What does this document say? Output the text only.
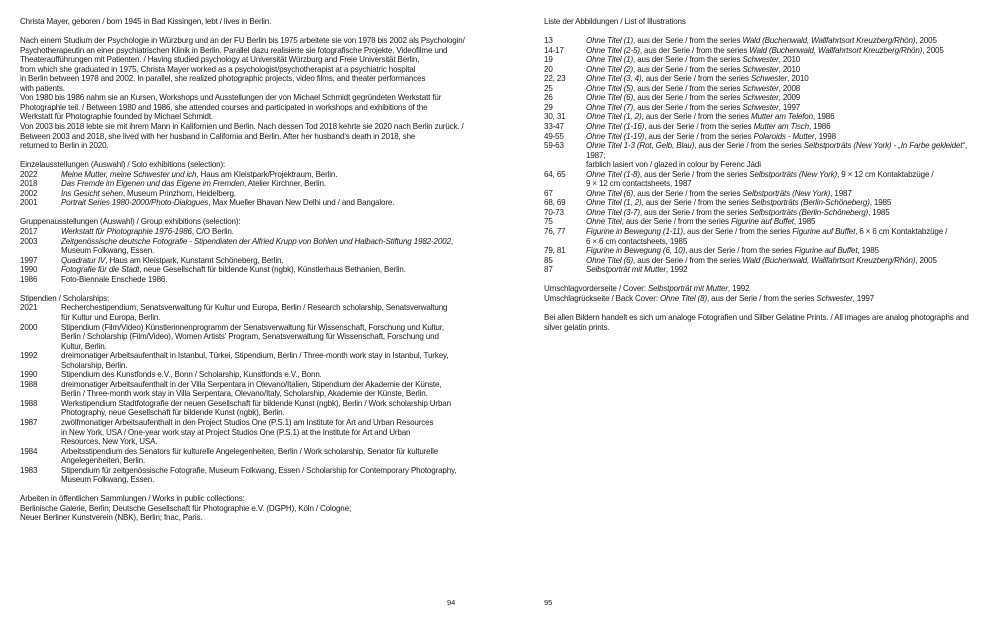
Christa Mayer, geboren / born 1945 in Bad Kissingen, lebt / lives in Berlin.

Nach einem Studium der Psychologie in Würzburg und an der FU Berlin bis 1975 arbeitete sie von 1978 bis 2002 als Psychologin/

Psychotherapeutin an einer psychiatrischen Klinik in Berlin. Parallel dazu realisierte sie fotografische Projekte, Videofilme und

Theateraufführungen mit Patienten. / Having studied psychology at Universität Würzburg and Freie Universität Berlin,

from which she graduated in 1975, Christa Mayer worked as a psychologist/psychotherapist at a psychiatric hospital

in Berlin between 1978 and 2002. In parallel, she realized photographic projects, video films, and theater performances

with patients.

Von 1980 bis 1986 nahm sie an Kursen, Workshops und Ausstellungen der von Michael Schmidt gegründeten Werkstatt für

Photographie teil. / Between 1980 and 1986, she attended courses and participated in workshops and exhibitions of the

Werkstatt für Photographie founded by Michael Schmidt.

Von 2003 bis 2018 lebte sie mit ihrem Mann in Kalifornien und Berlin. Nach dessen Tod 2018 kehrte sie 2020 nach Berlin zurück. /

Between 2003 and 2018, she lived with her husband in California and Berlin. After her husband’s death in 2018, she

returned to Berlin in 2020.

Einzelausstellungen (Auswahl) / Solo exhibitions (selection):

2022	Meine Mutter, meine Schwester und ich, Haus am Kleistpark/Projektraum, Berlin.
2018	Das Fremde im Eigenen und das Eigene im Fremden, Atelier Kirchner, Berlin.
2002	Ins Gesicht sehen, Museum Prinzhorn, Heidelberg.
2001	Portrait Series 1980-2000/Photo-Dialogues, Max Mueller Bhavan New Delhi und / and Bangalore.

Gruppenausstellungen (Auswahl) / Group exhibitions (selection):

2017	Werkstatt für Photographie 1976-1986, C/O Berlin.
2003	Zeitgenössische deutsche Fotografie - Stipendiaten der Alfried Krupp von Bohlen und Halbach-Stiftung 1982-2002,
Museum Folkwang, Essen.
1997	Quadratur IV, Haus am Kleistpark, Kunstamt Schöneberg, Berlin.
1990	Fotografie für die Stadt, neue Gesellschaft für bildende Kunst (ngbk), Künstlerhaus Bethanien, Berlin.
1986	Foto-Biennale Enschede 1986.

Stipendien / Scholarships:

2021	Recherchestipendium, Senatsverwaltung für Kultur und Europa, Berlin / Research scholarship, Senatsverwaltung
für Kultur und Europa, Berlin.
2000	Stipendium (Film/Video) Künstlerinnenprogramm der Senatsverwaltung für Wissenschaft, Forschung und Kultur,
Berlin / Scholarship (Film/Video), Women Artists’ Program, Senatsverwaltung für Wissenschaft, Forschung und
Kultur, Berlin.
1992	dreimonatiger Arbeitsaufenthalt in Istanbul, Türkei, Stipendium, Berlin / Three-month work stay in Istanbul, Turkey,
Scholarship, Berlin.
1990	Stipendium des Kunstfonds e.V., Bonn / Scholarship, Kunstfonds e.V., Bonn.
1988	dreimonatiger Arbeitsaufenthalt in der Villa Serpentara in Olevano/Italien, Stipendium der Akademie der Künste,
Berlin / Three-month work stay in Villa Serpentara, Olevano/Italy, Scholarship, Akademie der Künste, Berlin.
1988	Werkstipendium Stadtfotografie der neuen Gesellschaft für bildende Kunst (ngbk), Berlin / Work scholarship Urban
Photography, neue Gesellschaft für bildende Kunst (ngbk), Berlin.
1987	zwölfmonatiger Arbeitsaufenthalt in den Project Studios One (P.S.1) am Institute for Art and Urban Resources
in New York, USA / One-year work stay at Project Studios One (P.S.1) at the Institute for Art and Urban
Resources, New York, USA.
1984	Arbeitsstipendium des Senators für kulturelle Angelegenheiten, Berlin / Work scholarship, Senator für kulturelle
Angelegenheiten, Berlin.
1983	Stipendium für zeitgenössische Fotografie, Museum Folkwang, Essen / Scholarship for Contemporary Photography,
Museum Folkwang, Essen.

Arbeiten in öffentlichen Sammlungen / Works in public collections:

Berlinische Galerie, Berlin; Deutsche Gesellschaft für Photographie e.V. (DGPH), Köln / Cologne;

Neuer Berliner Kunstverein (NBK), Berlin; fnac, Paris.

94

Liste der Abbildungen / List of Illustrations

13	Ohne Titel (1), aus der Serie / from the series Wald (Buchenwald, Wallfahrtsort Kreuzberg/Rhön), 2005
14-17	Ohne Titel (2-5), aus der Serie / from the series Wald (Buchenwald, Wallfahrtsort Kreuzberg/Rhön), 2005
19	Ohne Titel (1), aus der Serie / from the series Schwester, 2010
20	Ohne Titel (2), aus der Serie / from the series Schwester, 2010
22, 23	Ohne Titel (3, 4), aus der Serie / from the series Schwester, 2010
25	Ohne Titel (5), aus der Serie / from the series Schwester, 2008
26	Ohne Titel (6), aus der Serie / from the series Schwester, 2009
29	Ohne Titel (7), aus der Serie / from the series Schwester, 1997
30, 31	Ohne Titel (1, 2), aus der Serie / from the series Mutter am Telefon, 1986
33-47	Ohne Titel (1-16), aus der Serie / from the series Mutter am Tisch, 1986
49-55	Ohne Titel (1-19), aus der Serie / from the series Polaroids - Mutter, 1998
59-63	Ohne Titel 1-3 (Rot, Gelb, Blau), aus der Serie / from the series Selbstporträts (New York) - „In Farbe gekleidet“, 1987;
farblich lasiert von / glazed in colour by Ferenc Jádi
64, 65	Ohne Titel (1-8), aus der Serie / from the series Selbstporträts (New York), 9 × 12 cm Kontaktabzüge /
9 × 12 cm contactsheets, 1987
67	Ohne Titel (6), aus der Serie / from the series Selbstporträts (New York), 1987
68, 69	Ohne Titel (1, 2), aus der Serie / from the series Selbstporträts (Berlin-Schöneberg), 1985
70-73	Ohne Titel (3-7), aus der Serie / from the series Selbstporträts (Berlin-Schöneberg), 1985
75	Ohne Titel, aus der Serie / from the series Figurine auf Buffet, 1985
76, 77	Figurine in Bewegung (1-11), aus der Serie / from the series Figurine auf Buffet, 6 × 6 cm Kontaktabzüge /
6 × 6 cm contactsheets, 1985
79, 81	Figurine in Bewegung (6, 10), aus der Serie / from the series Figurine auf Buffet, 1985
85	Ohne Titel (6), aus der Serie / from the series Wald (Buchenwald, Wallfahrtsort Kreuzberg/Rhön), 2005
87	Selbstporträt mit Mutter, 1992

Umschlagvorderseite / Cover: Selbstporträt mit Mutter, 1992

Umschlagrückseite / Back Cover: Ohne Titel (8), aus der Serie / from the series Schwester, 1997

Bei allen Bildern handelt es sich um analoge Fotografien und Silber Gelatine Prints. / All images are analog photographs and

silver gelatin prints.

95
